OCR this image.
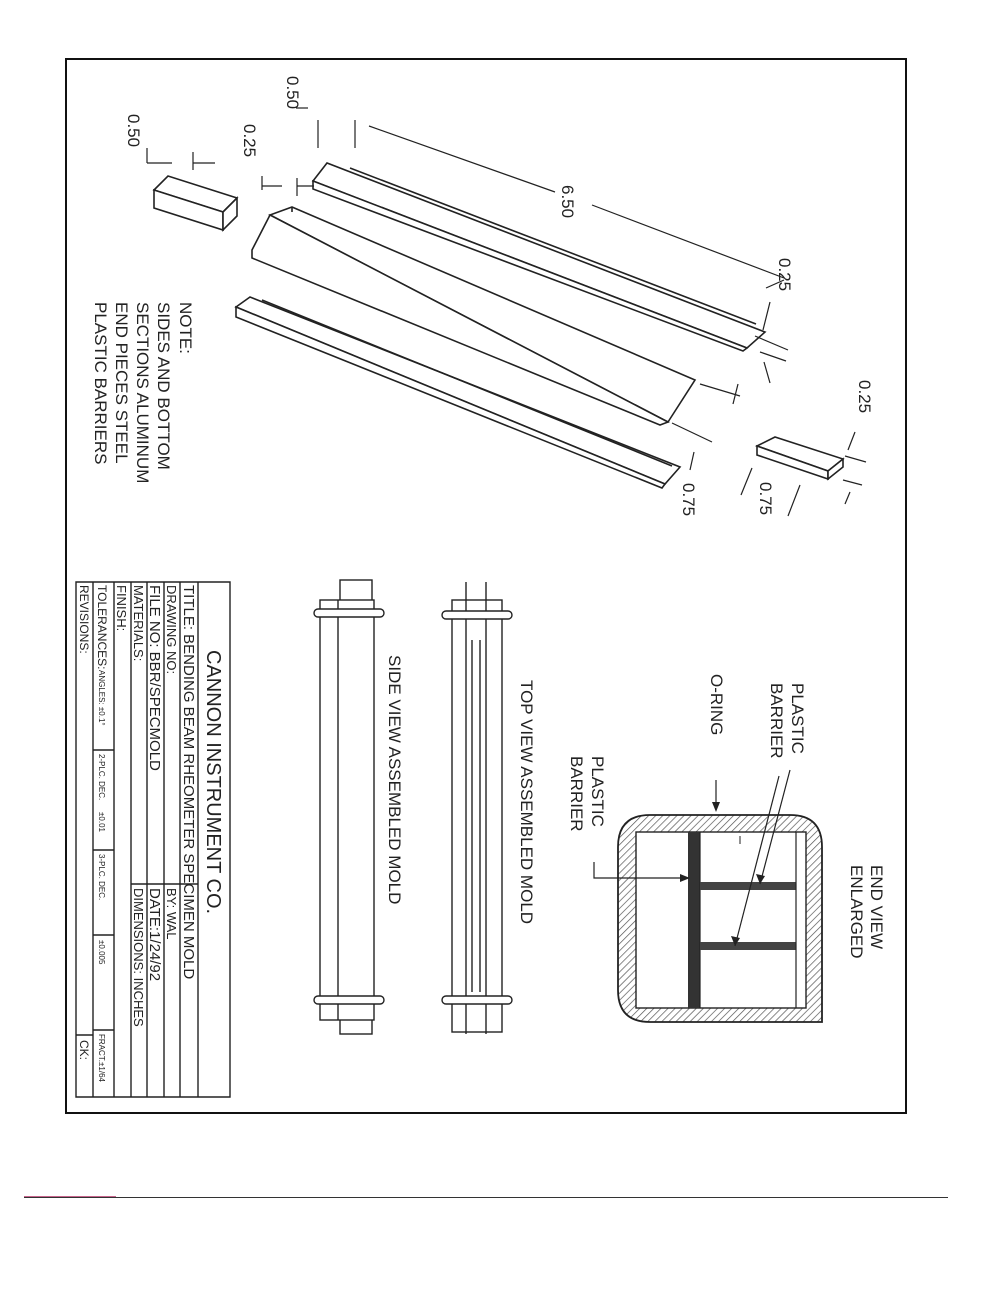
0.50	0.25
0.50
6.50
0.25
0.25
0.75	0.75
NOTE:
SIDES AND BOTTOM
SECTIONS ALUMINUM
END PIECES STEEL
PLASTIC BARRIERS
END VIEW
ENLARGED
PLASTIC
BARRIER
O-RING
PLASTIC
BARRIER
TOP VIEW ASSEMBLED MOLD
SIDE VIEW ASSEMBLED MOLD
CANNON INSTRUMENT CO.
TITLE: BENDING BEAM RHEOMETER SPECIMEN MOLD
DRAWING NO:
BY: WAL
FILE NO: BBR/SPECMOLD
DATE:1/24/92
MATERIALS:
DIMENSIONS: INCHES
FINISH:
TOLERANCES:
ANGLES: ±0.1°
2-PLC. DEC.
±0.01
3-PLC. DEC.
±0.005
FRACT.
±1/64
REVISIONS:
CK:
